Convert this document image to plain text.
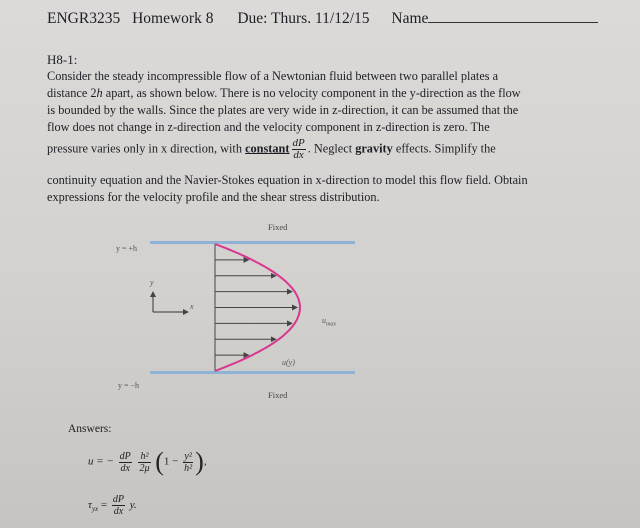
ENGR3235 Homework 8 Due: Thurs. 11/12/15 Name
H8-1:
Consider the steady incompressible flow of a Newtonian fluid between two parallel plates a
distance 2h apart, as shown below. There is no velocity component in the y-direction as the flow
is bounded by the walls. Since the plates are very wide in z-direction, it can be assumed that the
flow does not change in z-direction and the velocity component in z-direction is zero. The
pressure varies only in x direction, with constant $\frac{dP}{dx}$ . Neglect gravity effects. Simplify the
continuity equation and the Navier-Stokes equation in x-direction to model this flow field. Obtain
expressions for the velocity profile and the shear stress distribution.
Fixed
Fixed
y = +h
y = −h
y
x
$u_{max}$
u(y)
Answers:
u = − $\frac{dP}{dx}$
$\frac{\text{h²}}{2\mu} (1 - \frac{\text{y²}}{\text{h²}}$ ),
$\tau_{yx} = \frac{dP}{dx} y$.
